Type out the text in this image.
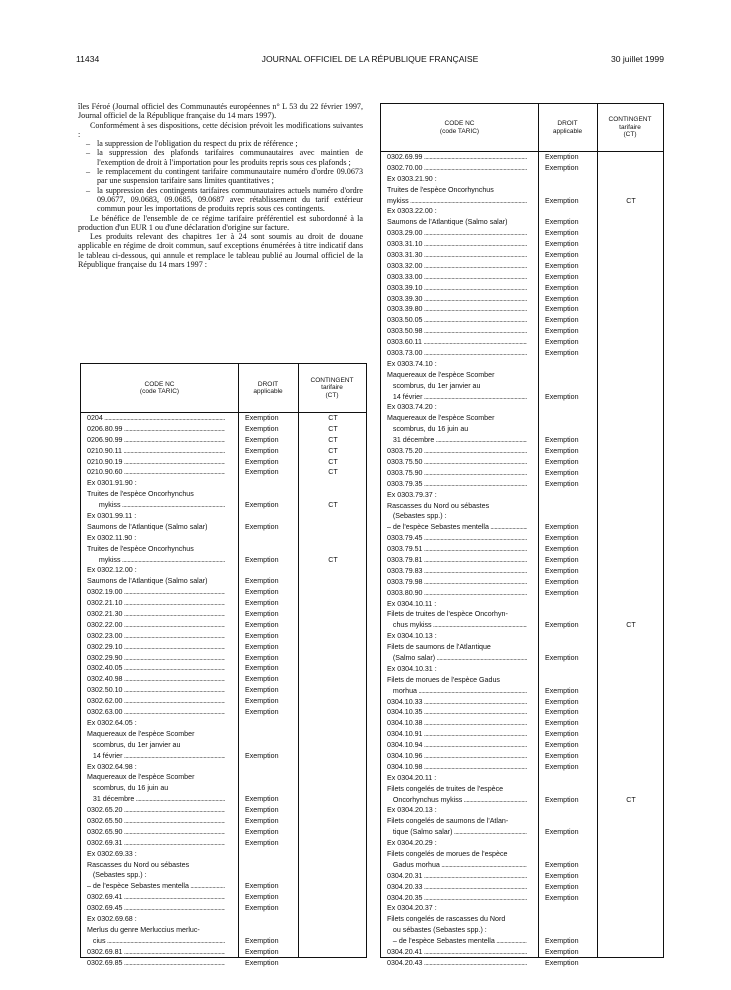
11434	JOURNAL OFFICIEL DE LA RÉPUBLIQUE FRANÇAISE	30 juillet 1999

îles Féroé (Journal officiel des Communautés européennes n° L 53 du 22 février 1997, Journal officiel de la République française du 14 mars 1997).

Conformément à ses dispositions, cette décision prévoit les modifications suivantes :

– la suppression de l'obligation du respect du prix de référence ;
– la suppression des plafonds tarifaires communautaires avec maintien de l'exemption de droit à l'importation pour les produits repris sous ces plafonds ;
– le remplacement du contingent tarifaire communautaire numéro d'ordre 09.0673 par une suspension tarifaire sans limites quantitatives ;
– la suppression des contingents tarifaires communautaires actuels numéro d'ordre 09.0677, 09.0683, 09.0685, 09.0687 avec rétablissement du tarif extérieur commun pour les importations de produits repris sous ces contingents.

Le bénéfice de l'ensemble de ce régime tarifaire préférentiel est subordonné à la production d'un EUR 1 ou d'une déclaration d'origine sur facture.

Les produits relevant des chapitres 1er à 24 sont soumis au droit de douane applicable en régime de droit commun, sauf exceptions énumérées à titre indicatif dans le tableau ci-dessous, qui annule et remplace le tableau publié au Journal officiel de la République française du 14 mars 1997 :

CODE NC
(code TARIC)
DROIT
applicable
CONTINGENT
tarifaire
(CT)
0204 .....	Exemption	CT
0206.80.99 .....	Exemption	CT
0206.90.99 .....	Exemption	CT
0210.90.11 .....	Exemption	CT
0210.90.19 .....	Exemption	CT
0210.90.60 .....	Exemption	CT
Ex 0301.91.90 :
Truites de l'espèce Oncorhynchus
mykiss .....	Exemption	CT
Ex 0301.99.11 :
Saumons de l'Atlantique (Salmo salar)	Exemption
Ex 0302.11.90 :
Truites de l'espèce Oncorhynchus
mykiss .....	Exemption	CT
Ex 0302.12.00 :
Saumons de l'Atlantique (Salmo salar)	Exemption
0302.19.00 .....	Exemption
0302.21.10 .....	Exemption
0302.21.30 .....	Exemption
0302.22.00 .....	Exemption
0302.23.00 .....	Exemption
0302.29.10 .....	Exemption
0302.29.90 .....	Exemption
0302.40.05 .....	Exemption
0302.40.98 .....	Exemption
0302.50.10 .....	Exemption
0302.62.00 .....	Exemption
0302.63.00 .....	Exemption
Ex 0302.64.05 :
Maquereaux de l'espèce Scomber
scombrus, du 1er janvier au
14 février .....	Exemption
Ex 0302.64.98 :
Maquereaux de l'espèce Scomber
scombrus, du 16 juin au
31 décembre .....	Exemption
0302.65.20 .....	Exemption
0302.65.50 .....	Exemption
0302.65.90 .....	Exemption
0302.69.31 .....	Exemption
Ex 0302.69.33 :
Rascasses du Nord ou sébastes
(Sebastes spp.) :
– de l'espèce Sebastes mentella .....	Exemption
0302.69.41 .....	Exemption
0302.69.45 .....	Exemption
Ex 0302.69.68 :
Merlus du genre Merluccius merluc-
cius .....	Exemption
0302.69.81 .....	Exemption
0302.69.85 .....	Exemption
CODE NC
(code TARIC)
DROIT
applicable
CONTINGENT
tarifaire
(CT)
0302.69.99 .....	Exemption
0302.70.00 .....	Exemption
Ex 0303.21.90 :
Truites de l'espèce Oncorhynchus
mykiss .....	Exemption	CT
Ex 0303.22.00 :
Saumons de l'Atlantique (Salmo salar)	Exemption
0303.29.00 .....	Exemption
0303.31.10 .....	Exemption
0303.31.30 .....	Exemption
0303.32.00 .....	Exemption
0303.33.00 .....	Exemption
0303.39.10 .....	Exemption
0303.39.30 .....	Exemption
0303.39.80 .....	Exemption
0303.50.05 .....	Exemption
0303.50.98 .....	Exemption
0303.60.11 .....	Exemption
0303.73.00 .....	Exemption
Ex 0303.74.10 :
Maquereaux de l'espèce Scomber
scombrus, du 1er janvier au
14 février .....	Exemption
Ex 0303.74.20 :
Maquereaux de l'espèce Scomber
scombrus, du 16 juin au
31 décembre .....	Exemption
0303.75.20 .....	Exemption
0303.75.50 .....	Exemption
0303.75.90 .....	Exemption
0303.79.35 .....	Exemption
Ex 0303.79.37 :
Rascasses du Nord ou sébastes
(Sebastes spp.) :
– de l'espèce Sebastes mentella .....	Exemption
0303.79.45 .....	Exemption
0303.79.51 .....	Exemption
0303.79.81 .....	Exemption
0303.79.83 .....	Exemption
0303.79.98 .....	Exemption
0303.80.90 .....	Exemption
Ex 0304.10.11 :
Filets de truites de l'espèce Oncorhyn-
chus mykiss .....	Exemption	CT
Ex 0304.10.13 :
Filets de saumons de l'Atlantique
(Salmo salar) .....	Exemption
Ex 0304.10.31 :
Filets de morues de l'espèce Gadus
morhua .....	Exemption
0304.10.33 .....	Exemption
0304.10.35 .....	Exemption
0304.10.38 .....	Exemption
0304.10.91 .....	Exemption
0304.10.94 .....	Exemption
0304.10.96 .....	Exemption
0304.10.98 .....	Exemption
Ex 0304.20.11 :
Filets congelés de truites de l'espèce
Oncorhynchus mykiss .....	Exemption	CT
Ex 0304.20.13 :
Filets congelés de saumons de l'Atlan-
tique (Salmo salar) .....	Exemption
Ex 0304.20.29 :
Filets congelés de morues de l'espèce
Gadus morhua .....	Exemption
0304.20.31 .....	Exemption
0304.20.33 .....	Exemption
0304.20.35 .....	Exemption
Ex 0304.20.37 :
Filets congelés de rascasses du Nord
ou sébastes (Sebastes spp.) :
– de l'espèce Sebastes mentella .....	Exemption
0304.20.41 .....	Exemption
0304.20.43 .....	Exemption
